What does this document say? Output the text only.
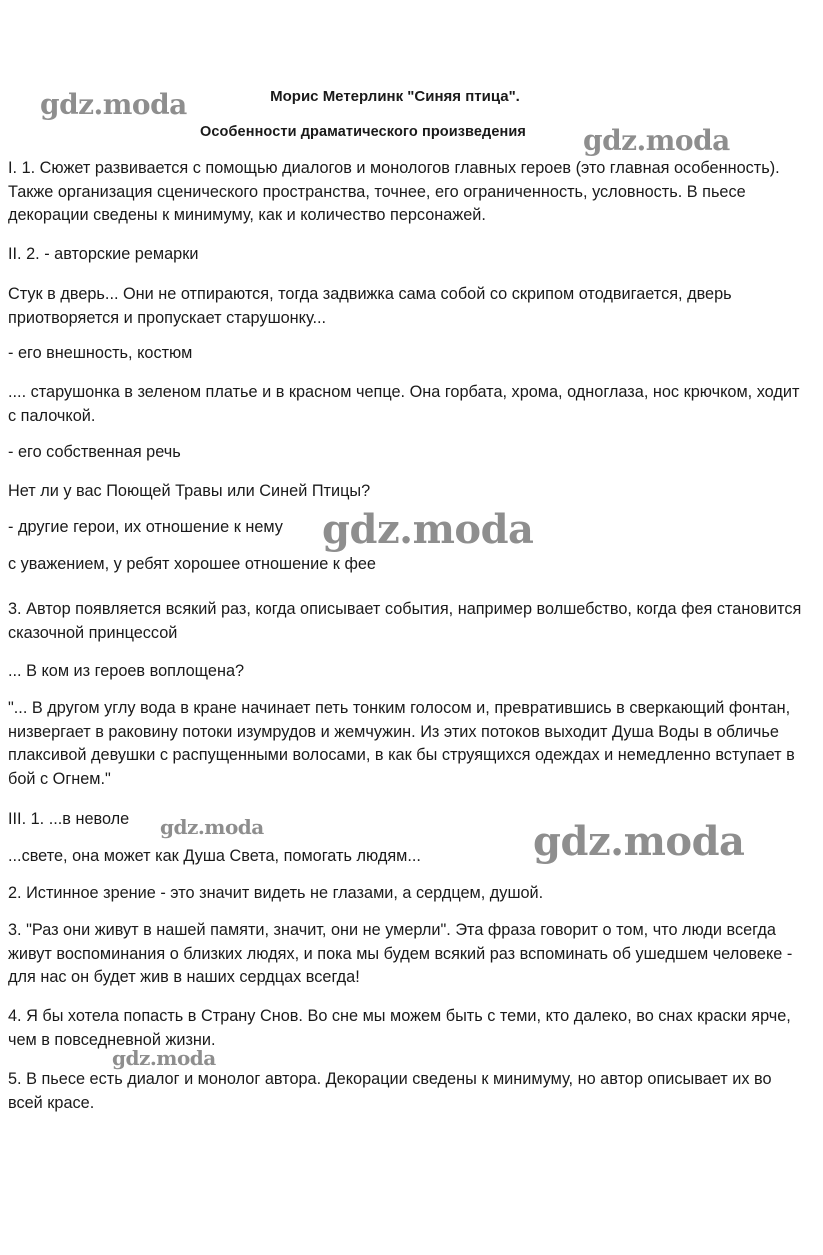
Морис Метерлинк "Синяя птица".
Особенности драматического произведения

I. 1. Сюжет развивается с помощью диалогов и монологов главных героев (это главная особенность). Также организация сценического пространства, точнее, его ограниченность, условность. В пьесе декорации сведены к минимуму, как и количество персонажей.

II. 2. - авторские ремарки

Стук в дверь... Они не отпираются, тогда задвижка сама собой со скрипом отодвигается, дверь приотворяется и пропускает старушонку...

- его внешность, костюм

.... старушонка в зеленом платье и в красном чепце. Она горбата, хрома, одноглаза, нос крючком, ходит с палочкой.

- его собственная речь

Нет ли у вас Поющей Травы или Синей Птицы?

- другие герои, их отношение к нему

с уважением, у ребят хорошее отношение к фее

3. Автор появляется всякий раз, когда описывает события, например волшебство, когда фея становится сказочной принцессой

... В ком из героев воплощена?

"... В другом углу вода в кране начинает петь тонким голосом и, превратившись в сверкающий фонтан, низвергает в раковину потоки изумрудов и жемчужин. Из этих потоков выходит Душа Воды в обличье плаксивой девушки с распущенными волосами, в как бы струящихся одеждах и немедленно вступает в бой с Огнем."

III. 1. ...в неволе

...свете, она может как Душа Света, помогать людям...

2. Истинное зрение - это значит видеть не глазами, а сердцем, душой.

3. "Раз они живут в нашей памяти, значит, они не умерли". Эта фраза говорит о том, что люди всегда живут воспоминания о близких людях, и пока мы будем всякий раз вспоминать об ушедшем человеке - для нас он будет жив в наших сердцах всегда!

4. Я бы хотела попасть в Страну Снов. Во сне мы можем быть с теми, кто далеко, во снах краски ярче, чем в повседневной жизни.

5. В пьесе есть диалог и монолог автора. Декорации сведены к минимуму, но автор описывает их во всей красе.

gdz.moda
gdz.moda
gdz.moda
gdz.moda	gdz.moda
gdz.moda
